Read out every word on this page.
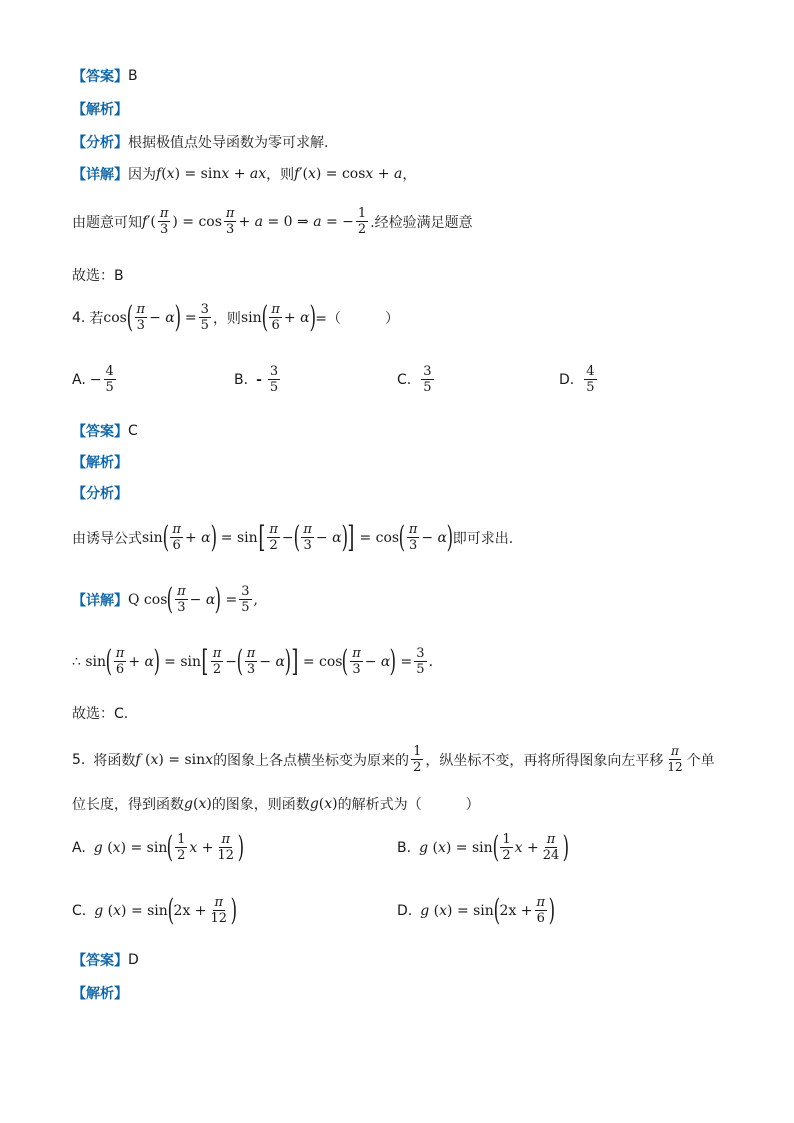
【答案】 B
【解析】
【分析】 根据极值点处导函数为零可求解.
【详解】 因为 f ( x ) = sin x + ax ，则 f ′( x ) = cos x + a ，
由题意可知 f ′( $\frac{\pi}{3}$ ) = $\cos \frac{\pi}{3} + a = 0$ ⇒ a = − $\frac{1}{2}$ .经检验满足题意
故选：B
4. 若 cos ( $\frac{\pi}{3} - \alpha$ ) = $\frac{3}{5}$ ，则 sin ( $\frac{\pi}{6} + \alpha$ ) =（	）
A. − $\frac{4}{5}$	B. - $\frac{3}{5}$	C. $\frac{3}{5}$	D. $\frac{4}{5}$
【答案】 C
【解析】
【分析】
由诱导公式 sin ( $\frac{\pi}{6} + \alpha$ ) = sin [ $\frac{\pi}{2}$ − ( $\frac{\pi}{3} - \alpha$ ) ] = cos ( $\frac{\pi}{3} - \alpha$ ) 即可求出.
【详解】 Q cos ( $\frac{\pi}{3} - \alpha$ ) = $\frac{3}{5}$ ,
∴ sin ( $\frac{\pi}{6} + \alpha$ ) = sin [ $\frac{\pi}{2}$ − ( $\frac{\pi}{3} - \alpha$ ) ] = cos ( $\frac{\pi}{3} - \alpha$ ) = $\frac{3}{5}$ .
故选：C.
5. 将函数 f ( x ) = sin x 的图象上各点横坐标变为原来的 $\frac{1}{2}$ ，纵坐标不变，再将所得图象向左平移 $\frac{\pi}{12}$ 个单
位长度，得到函数 g ( x ) 的图象，则函数 g ( x ) 的解析式为（	）
A. g ( x ) = sin ( $\frac{1}{2}$ $x + \frac{\pi}{12}$ )	B. g ( x ) = sin ( $\frac{1}{2}$ $x + \frac{\pi}{24}$ )
C. g ( x ) = sin ( $2x + \frac{\pi}{12}$ )	D. g ( x ) = sin ( $2x + \frac{\pi}{6}$ )
【答案】 D
【解析】
